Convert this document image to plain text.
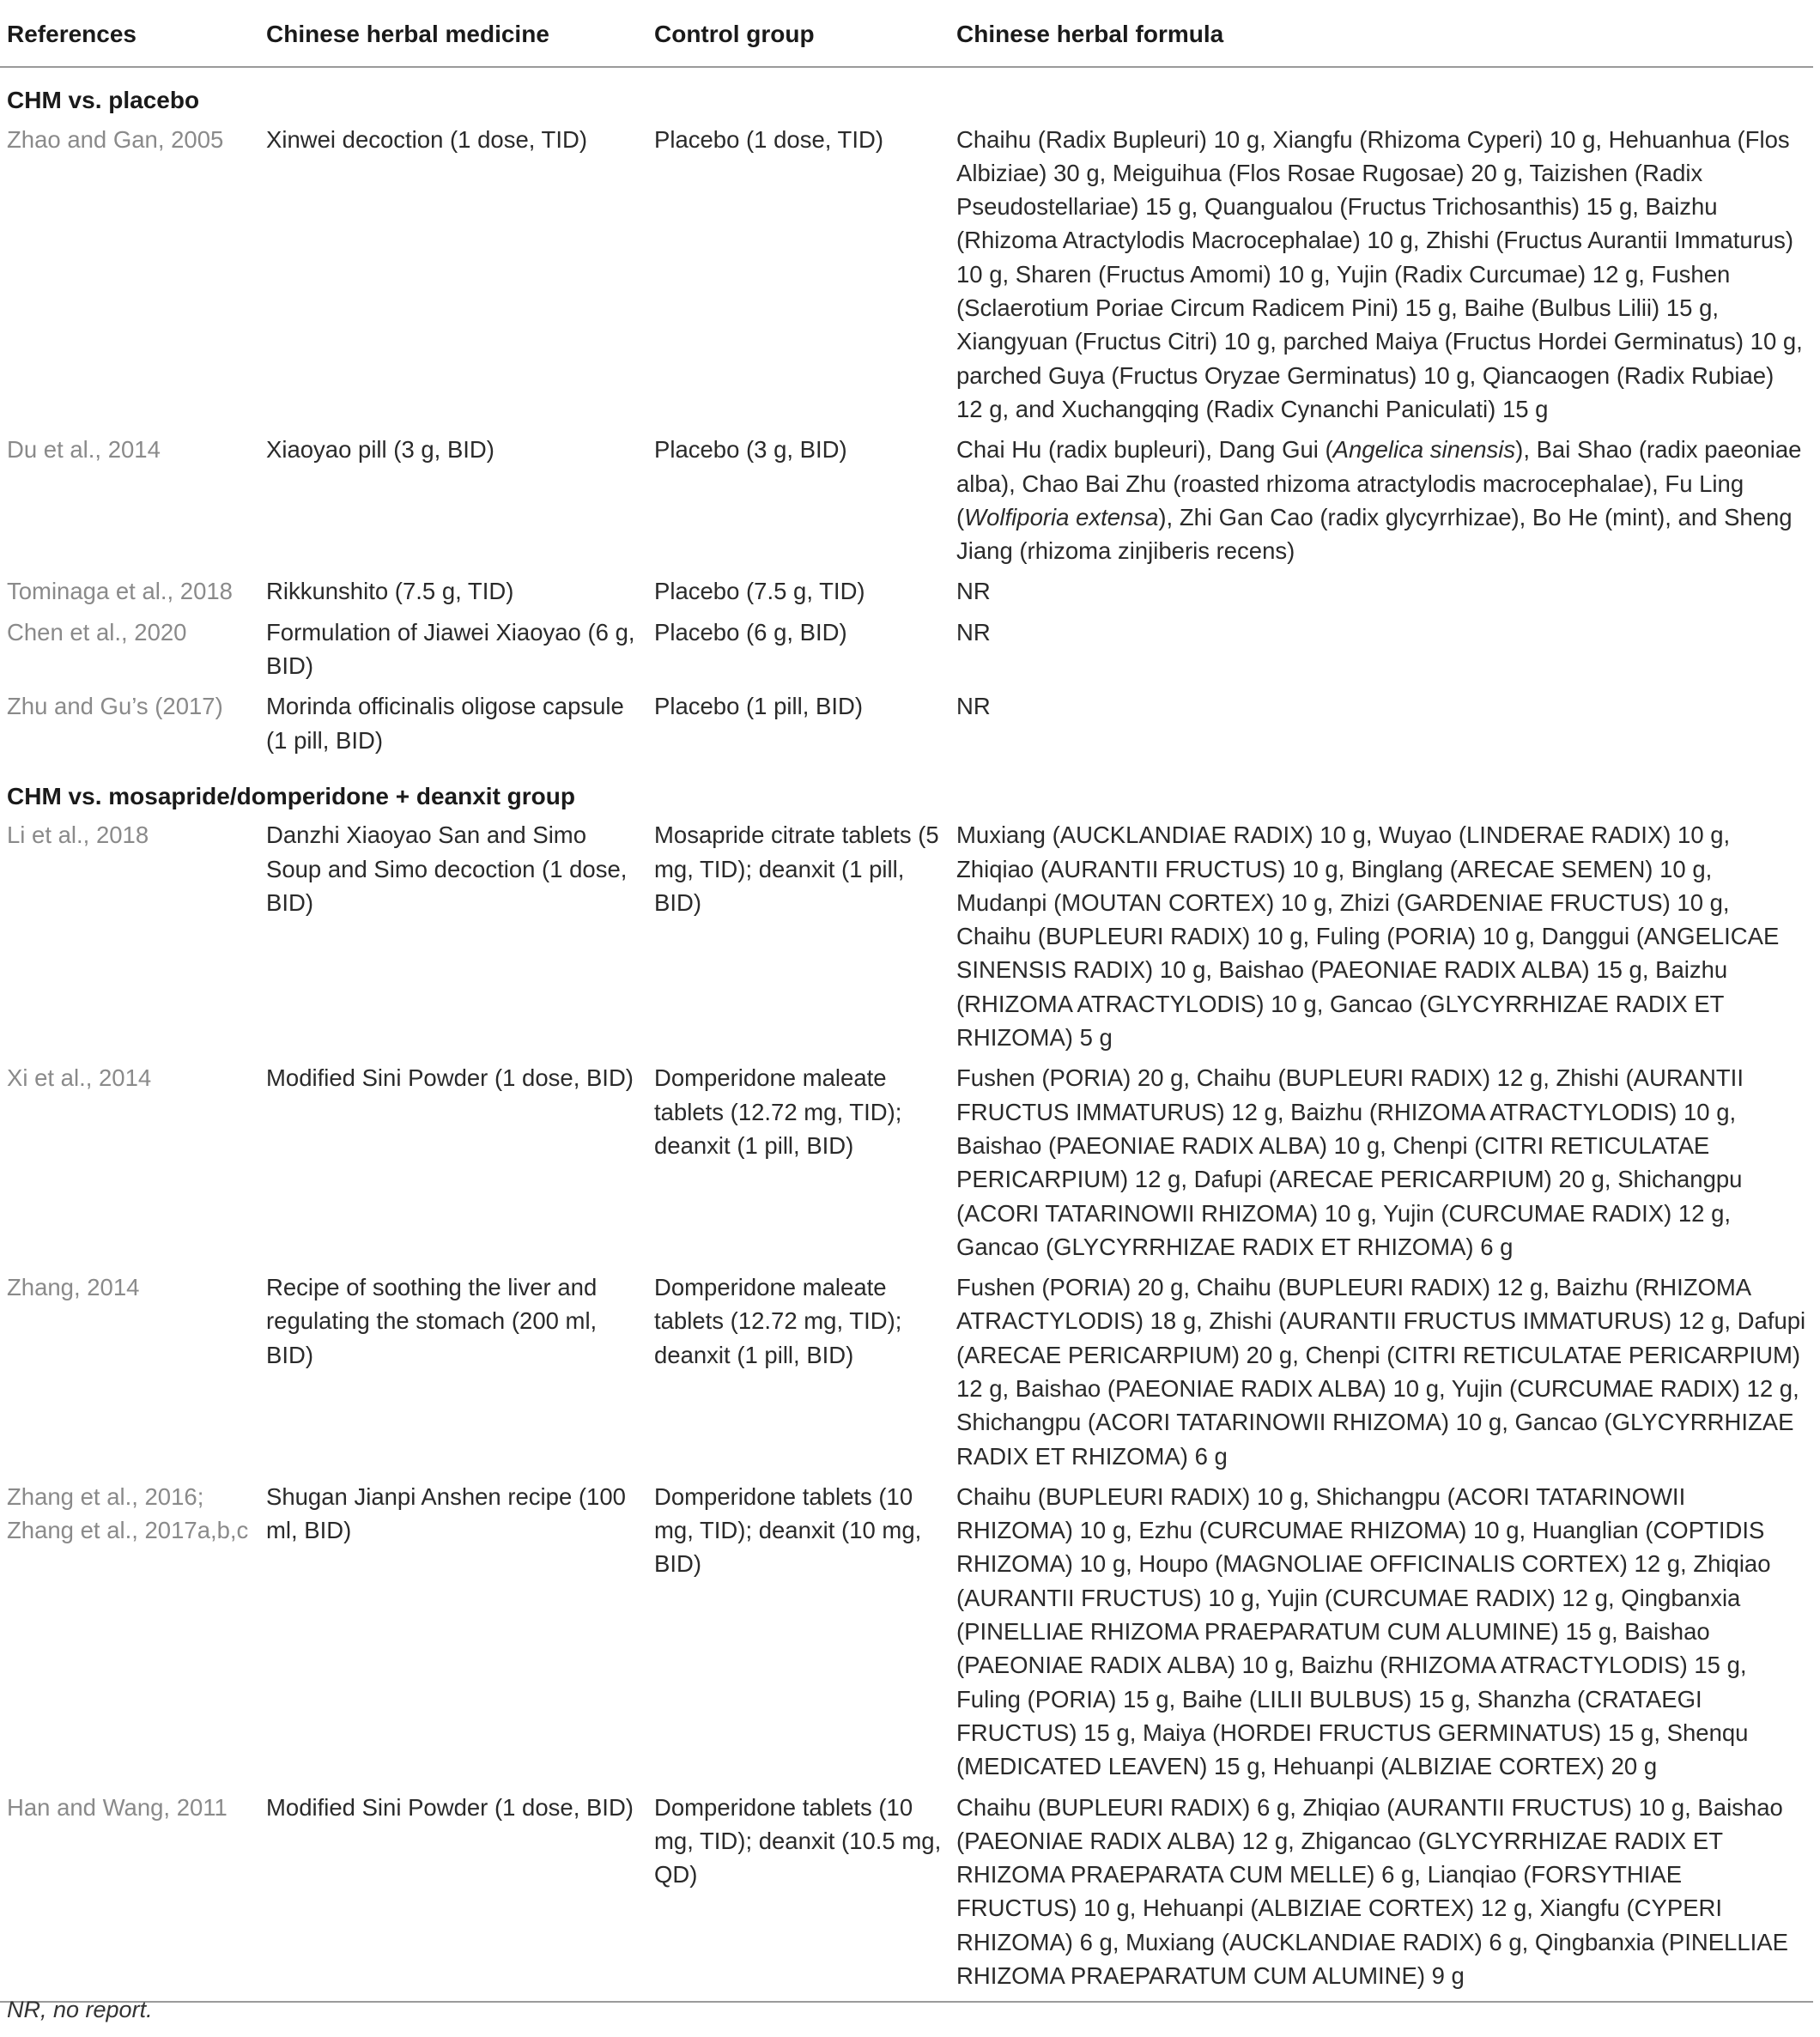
References	Chinese herbal medicine	Control group	Chinese herbal formula
CHM vs. placebo			
Zhao and Gan, 2005	Xinwei decoction (1 dose, TID)	Placebo (1 dose, TID)	Chaihu (Radix Bupleuri) 10 g, Xiangfu (Rhizoma Cyperi) 10 g, Hehuanhua (Flos Albiziae) 30 g, Meiguihua (Flos Rosae Rugosae) 20 g, Taizishen (Radix Pseudostellariae) 15 g, Quangualou (Fructus Trichosanthis) 15 g, Baizhu (Rhizoma Atractylodis Macrocephalae) 10 g, Zhishi (Fructus Aurantii Immaturus) 10 g, Sharen (Fructus Amomi) 10 g, Yujin (Radix Curcumae) 12 g, Fushen (Sclaerotium Poriae Circum Radicem Pini) 15 g, Baihe (Bulbus Lilii) 15 g, Xiangyuan (Fructus Citri) 10 g, parched Maiya (Fructus Hordei Germinatus) 10 g, parched Guya (Fructus Oryzae Germinatus) 10 g, Qiancaogen (Radix Rubiae) 12 g, and Xuchangqing (Radix Cynanchi Paniculati) 15 g
Du et al., 2014	Xiaoyao pill (3 g, BID)	Placebo (3 g, BID)	Chai Hu (radix bupleuri), Dang Gui (Angelica sinensis), Bai Shao (radix paeoniae alba), Chao Bai Zhu (roasted rhizoma atractylodis macrocephalae), Fu Ling (Wolfiporia extensa), Zhi Gan Cao (radix glycyrrhizae), Bo He (mint), and Sheng Jiang (rhizoma zinjiberis recens)
Tominaga et al., 2018	Rikkunshito (7.5 g, TID)	Placebo (7.5 g, TID)	NR
Chen et al., 2020	Formulation of Jiawei Xiaoyao (6 g, BID)	Placebo (6 g, BID)	NR
Zhu and Gu’s (2017)	Morinda officinalis oligose capsule (1 pill, BID)	Placebo (1 pill, BID)	NR
CHM vs. mosapride/domperidone + deanxit group			
Li et al., 2018	Danzhi Xiaoyao San and Simo Soup and Simo decoction (1 dose, BID)	Mosapride citrate tablets (5 mg, TID); deanxit (1 pill, BID)	Muxiang (AUCKLANDIAE RADIX) 10 g, Wuyao (LINDERAE RADIX) 10 g, Zhiqiao (AURANTII FRUCTUS) 10 g, Binglang (ARECAE SEMEN) 10 g, Mudanpi (MOUTAN CORTEX) 10 g, Zhizi (GARDENIAE FRUCTUS) 10 g, Chaihu (BUPLEURI RADIX) 10 g, Fuling (PORIA) 10 g, Danggui (ANGELICAE SINENSIS RADIX) 10 g, Baishao (PAEONIAE RADIX ALBA) 15 g, Baizhu (RHIZOMA ATRACTYLODIS) 10 g, Gancao (GLYCYRRHIZAE RADIX ET RHIZOMA) 5 g
Xi et al., 2014	Modified Sini Powder (1 dose, BID)	Domperidone maleate tablets (12.72 mg, TID); deanxit (1 pill, BID)	Fushen (PORIA) 20 g, Chaihu (BUPLEURI RADIX) 12 g, Zhishi (AURANTII FRUCTUS IMMATURUS) 12 g, Baizhu (RHIZOMA ATRACTYLODIS) 10 g, Baishao (PAEONIAE RADIX ALBA) 10 g, Chenpi (CITRI RETICULATAE PERICARPIUM) 12 g, Dafupi (ARECAE PERICARPIUM) 20 g, Shichangpu (ACORI TATARINOWII RHIZOMA) 10 g, Yujin (CURCUMAE RADIX) 12 g, Gancao (GLYCYRRHIZAE RADIX ET RHIZOMA) 6 g
Zhang, 2014	Recipe of soothing the liver and regulating the stomach (200 ml, BID)	Domperidone maleate tablets (12.72 mg, TID); deanxit (1 pill, BID)	Fushen (PORIA) 20 g, Chaihu (BUPLEURI RADIX) 12 g, Baizhu (RHIZOMA ATRACTYLODIS) 18 g, Zhishi (AURANTII FRUCTUS IMMATURUS) 12 g, Dafupi (ARECAE PERICARPIUM) 20 g, Chenpi (CITRI RETICULATAE PERICARPIUM) 12 g, Baishao (PAEONIAE RADIX ALBA) 10 g, Yujin (CURCUMAE RADIX) 12 g, Shichangpu (ACORI TATARINOWII RHIZOMA) 10 g, Gancao (GLYCYRRHIZAE RADIX ET RHIZOMA) 6 g
Zhang et al., 2016; Zhang et al., 2017a,b,c	Shugan Jianpi Anshen recipe (100 ml, BID)	Domperidone tablets (10 mg, TID); deanxit (10 mg, BID)	Chaihu (BUPLEURI RADIX) 10 g, Shichangpu (ACORI TATARINOWII RHIZOMA) 10 g, Ezhu (CURCUMAE RHIZOMA) 10 g, Huanglian (COPTIDIS RHIZOMA) 10 g, Houpo (MAGNOLIAE OFFICINALIS CORTEX) 12 g, Zhiqiao (AURANTII FRUCTUS) 10 g, Yujin (CURCUMAE RADIX) 12 g, Qingbanxia (PINELLIAE RHIZOMA PRAEPARATUM CUM ALUMINE) 15 g, Baishao (PAEONIAE RADIX ALBA) 10 g, Baizhu (RHIZOMA ATRACTYLODIS) 15 g, Fuling (PORIA) 15 g, Baihe (LILII BULBUS) 15 g, Shanzha (CRATAEGI FRUCTUS) 15 g, Maiya (HORDEI FRUCTUS GERMINATUS) 15 g, Shenqu (MEDICATED LEAVEN) 15 g, Hehuanpi (ALBIZIAE CORTEX) 20 g
Han and Wang, 2011	Modified Sini Powder (1 dose, BID)	Domperidone tablets (10 mg, TID); deanxit (10.5 mg, QD)	Chaihu (BUPLEURI RADIX) 6 g, Zhiqiao (AURANTII FRUCTUS) 10 g, Baishao (PAEONIAE RADIX ALBA) 12 g, Zhigancao (GLYCYRRHIZAE RADIX ET RHIZOMA PRAEPARATA CUM MELLE) 6 g, Lianqiao (FORSYTHIAE FRUCTUS) 10 g, Hehuanpi (ALBIZIAE CORTEX) 12 g, Xiangfu (CYPERI RHIZOMA) 6 g, Muxiang (AUCKLANDIAE RADIX) 6 g, Qingbanxia (PINELLIAE RHIZOMA PRAEPARATUM CUM ALUMINE) 9 g
NR, no report.
